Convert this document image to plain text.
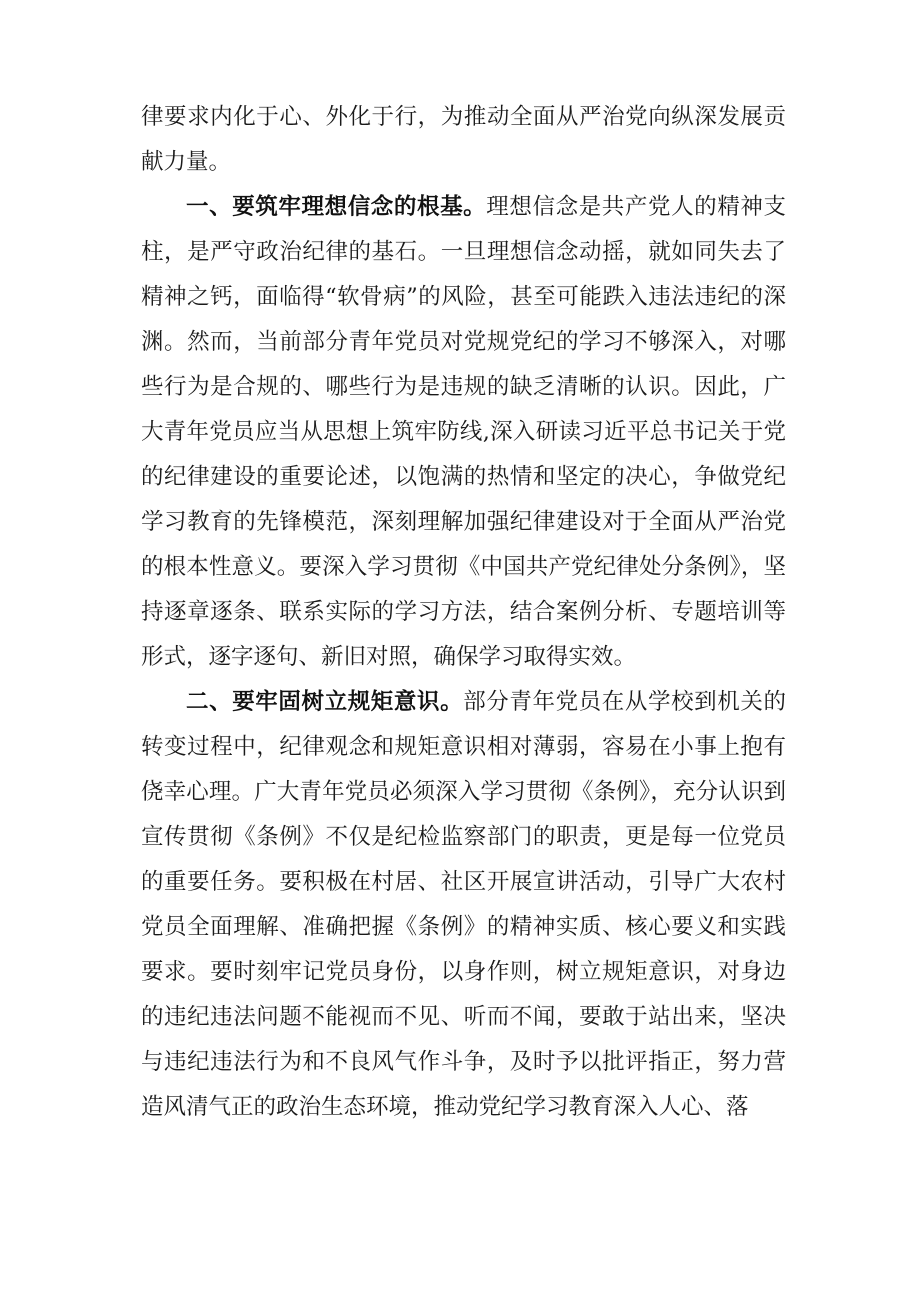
律要求内化于心、外化于行，为推动全面从严治党向纵深发展贡献力量。

一、要筑牢理想信念的根基。理想信念是共产党人的精神支柱，是严守政治纪律的基石。一旦理想信念动摇，就如同失去了精神之钙，面临得“软骨病”的风险，甚至可能跌入违法违纪的深渊。然而，当前部分青年党员对党规党纪的学习不够深入，对哪些行为是合规的、哪些行为是违规的缺乏清晰的认识。因此，广大青年党员应当从思想上筑牢防线,深入研读习近平总书记关于党的纪律建设的重要论述，以饱满的热情和坚定的决心，争做党纪学习教育的先锋模范，深刻理解加强纪律建设对于全面从严治党的根本性意义。要深入学习贯彻《中国共产党纪律处分条例》，坚持逐章逐条、联系实际的学习方法，结合案例分析、专题培训等形式，逐字逐句、新旧对照，确保学习取得实效。

二、要牢固树立规矩意识。部分青年党员在从学校到机关的转变过程中，纪律观念和规矩意识相对薄弱，容易在小事上抱有侥幸心理。广大青年党员必须深入学习贯彻《条例》，充分认识到宣传贯彻《条例》不仅是纪检监察部门的职责，更是每一位党员的重要任务。要积极在村居、社区开展宣讲活动，引导广大农村党员全面理解、准确把握《条例》的精神实质、核心要义和实践要求。要时刻牢记党员身份，以身作则，树立规矩意识，对身边的违纪违法问题不能视而不见、听而不闻，要敢于站出来，坚决与违纪违法行为和不良风气作斗争，及时予以批评指正，努力营造风清气正的政治生态环境，推动党纪学习教育深入人心、落
